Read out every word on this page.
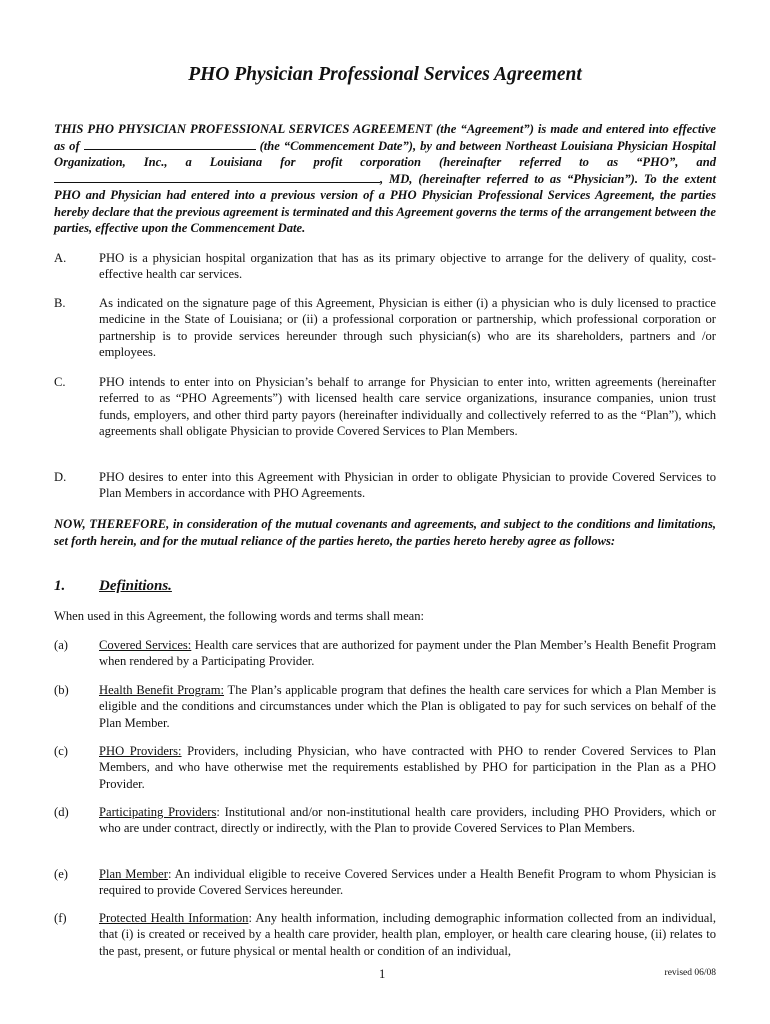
PHO Physician Professional Services Agreement

THIS PHO PHYSICIAN PROFESSIONAL SERVICES AGREEMENT (the “Agreement”) is made and entered into effective as of	(the “Commencement Date”), by and between Northeast Louisiana Physician Hospital Organization, Inc., a Louisiana for profit corporation (hereinafter referred to as “PHO”, and , MD, (hereinafter referred to as “Physician”). To the extent PHO and Physician had entered into a previous version of a PHO Physician Professional Services Agreement, the parties hereby declare that the previous agreement is terminated and this Agreement governs the terms of the arrangement between the parties, effective upon the Commencement Date.

A.	PHO is a physician hospital organization that has as its primary objective to arrange for the delivery of quality, cost-effective health car services.
B.	As indicated on the signature page of this Agreement, Physician is either (i) a physician who is duly licensed to practice medicine in the State of Louisiana; or (ii) a professional corporation or partnership, which professional corporation or partnership is to provide services hereunder through such physician(s) who are its shareholders, partners and /or employees.
C.	PHO intends to enter into on Physician’s behalf to arrange for Physician to enter into, written agreements (hereinafter referred to as “PHO Agreements”) with licensed health care service organizations, insurance companies, union trust funds, employers, and other third party payors (hereinafter individually and collectively referred to as the “Plan”), which agreements shall obligate Physician to provide Covered Services to Plan Members.
D.	PHO desires to enter into this Agreement with Physician in order to obligate Physician to provide Covered Services to Plan Members in accordance with PHO Agreements.

NOW, THEREFORE, in consideration of the mutual covenants and agreements, and subject to the conditions and limitations, set forth herein, and for the mutual reliance of the parties hereto, the parties hereto hereby agree as follows:

1. Definitions.
When used in this Agreement, the following words and terms shall mean:
(a) Covered Services: Health care services that are authorized for payment under the Plan Member’s Health Benefit Program when rendered by a Participating Provider.
(b) Health Benefit Program: The Plan’s applicable program that defines the health care services for which a Plan Member is eligible and the conditions and circumstances under which the Plan is obligated to pay for such services on behalf of the Plan Member.
(c) PHO Providers: Providers, including Physician, who have contracted with PHO to render Covered Services to Plan Members, and who have otherwise met the requirements established by PHO for participation in the Plan as a PHO Provider.
(d) Participating Providers: Institutional and/or non-institutional health care providers, including PHO Providers, which or who are under contract, directly or indirectly, with the Plan to provide Covered Services to Plan Members.
(e) Plan Member: An individual eligible to receive Covered Services under a Health Benefit Program to whom Physician is required to provide Covered Services hereunder.
(f)	Protected Health Information: Any health information, including demographic information collected from an individual, that (i) is created or received by a health care provider, health plan, employer, or health care clearing house, (ii) relates to the past, present, or future physical or mental health or condition of an individual,
1	revised 06/08
